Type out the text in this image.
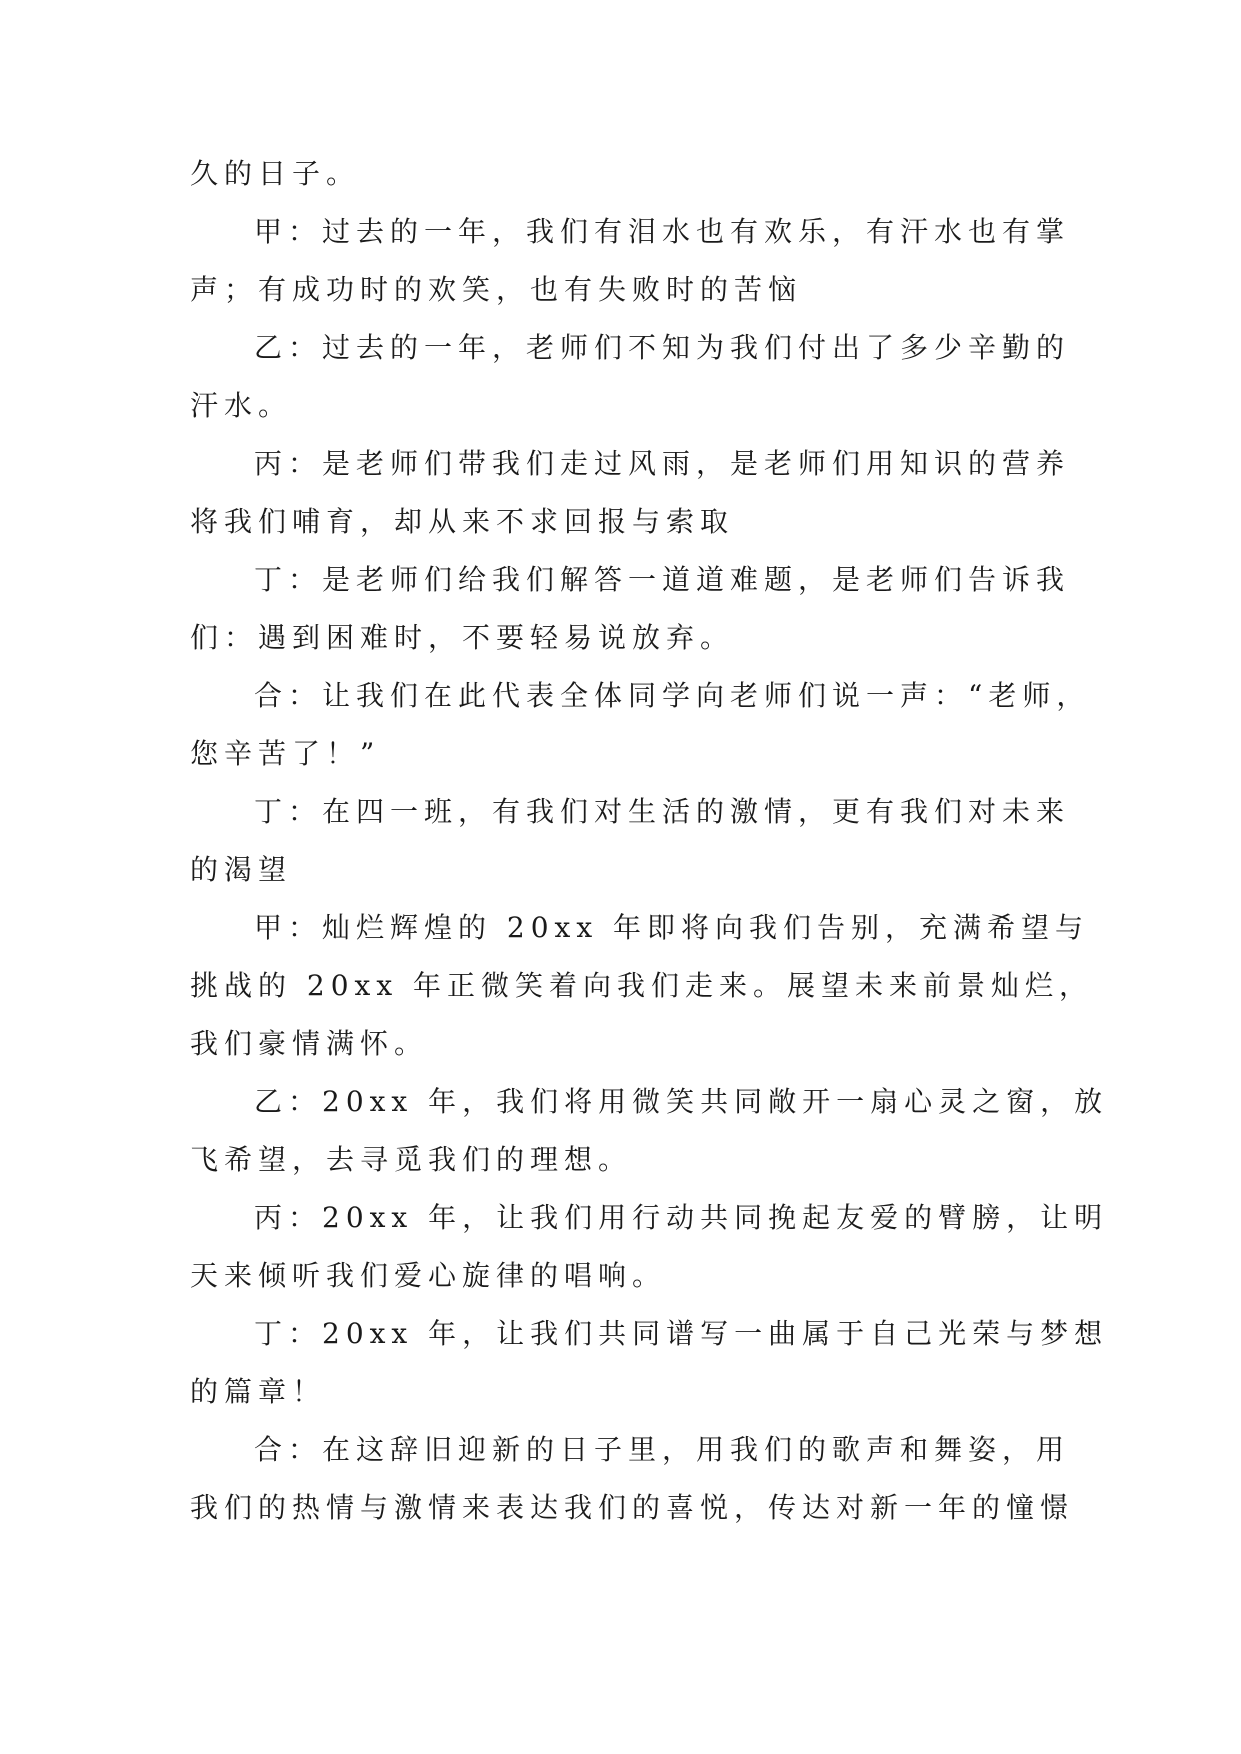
久的日子。
甲：过去的一年，我们有泪水也有欢乐，有汗水也有掌
声；有成功时的欢笑，也有失败时的苦恼
乙：过去的一年，老师们不知为我们付出了多少辛勤的
汗水。
丙：是老师们带我们走过风雨，是老师们用知识的营养
将我们哺育，却从来不求回报与索取
丁：是老师们给我们解答一道道难题，是老师们告诉我
们：遇到困难时，不要轻易说放弃。
合：让我们在此代表全体同学向老师们说一声：“老师，
您辛苦了！”
丁：在四一班，有我们对生活的激情，更有我们对未来
的渴望
甲：灿烂辉煌的 20xx 年即将向我们告别，充满希望与
挑战的 20xx 年正微笑着向我们走来。展望未来前景灿烂，
我们豪情满怀。
乙：20xx 年，我们将用微笑共同敞开一扇心灵之窗，放
飞希望，去寻觅我们的理想。
丙：20xx 年，让我们用行动共同挽起友爱的臂膀，让明
天来倾听我们爱心旋律的唱响。
丁：20xx 年，让我们共同谱写一曲属于自己光荣与梦想
的篇章！
合：在这辞旧迎新的日子里，用我们的歌声和舞姿，用
我们的热情与激情来表达我们的喜悦，传达对新一年的憧憬
